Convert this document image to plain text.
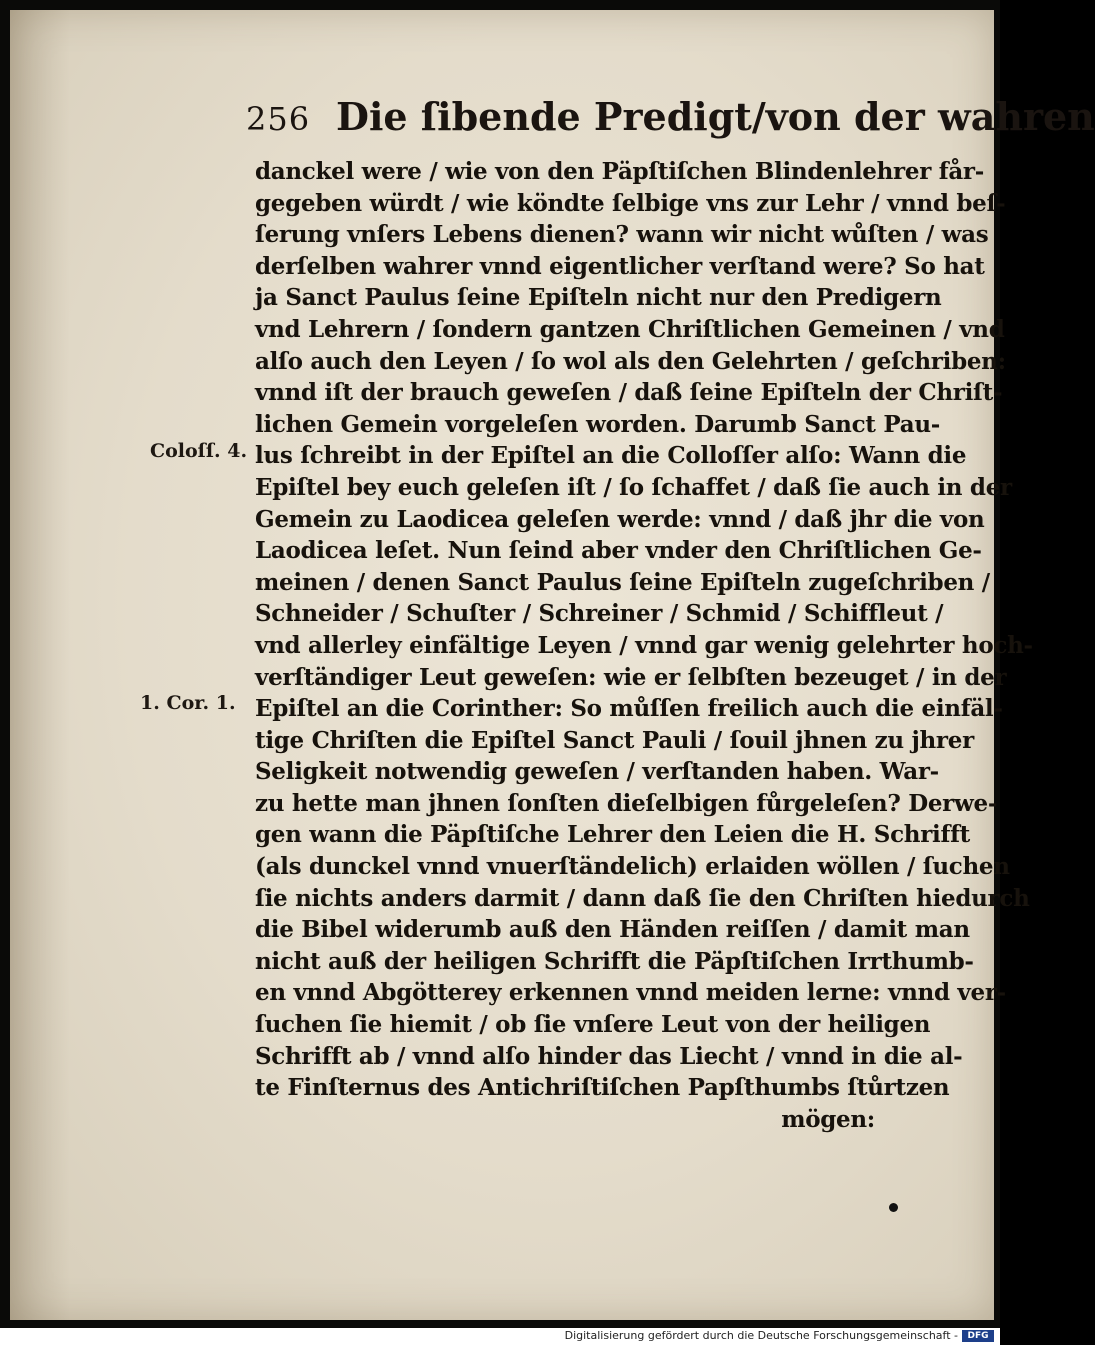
256 Die ſibende Predigt/von der wahren
Coloſſ. 4.
1. Cor. 1.
danckel were / wie von den Päpſtiſchen Blindenlehrer får‑
gegeben würdt / wie köndte ſelbige vns zur Lehr / vnnd beſ‑
ſerung vnſers Lebens dienen? wann wir nicht wůſten / was
derſelben wahrer vnnd eigentlicher verſtand were? So hat
ja Sanct Paulus ſeine Epiſteln nicht nur den Predigern
vnd Lehrern / ſondern gantzen Chriſtlichen Gemeinen / vnd
alſo auch den Leyen / ſo wol als den Gelehrten / geſchriben:
vnnd iſt der brauch geweſen / daß ſeine Epiſteln der Chriſt‑
lichen Gemein vorgeleſen worden. Darumb Sanct Pau‑
lus ſchreibt in der Epiſtel an die Colloſſer alſo: Wann die
Epiſtel bey euch geleſen iſt / ſo ſchaffet / daß ſie auch in der
Gemein zu Laodicea geleſen werde: vnnd / daß jhr die von
Laodicea leſet. Nun ſeind aber vnder den Chriſtlichen Ge‑
meinen / denen Sanct Paulus ſeine Epiſteln zugeſchriben /
Schneider / Schuſter / Schreiner / Schmid / Schiffleut /
vnd allerley einfältige Leyen / vnnd gar wenig gelehrter hoch‑
verſtändiger Leut geweſen: wie er ſelbſten bezeuget / in der
Epiſtel an die Corinther: So můſſen freilich auch die einfäl‑
tige Chriſten die Epiſtel Sanct Pauli / ſouil jhnen zu jhrer
Seligkeit notwendig geweſen / verſtanden haben. War‑
zu hette man jhnen ſonſten dieſelbigen fůrgeleſen? Derwe‑
gen wann die Päpſtiſche Lehrer den Leien die H. Schrifft
(als dunckel vnnd vnuerſtändelich) erlaiden wöllen / ſuchen
ſie nichts anders darmit / dann daß ſie den Chriſten hiedurch
die Bibel widerumb auß den Händen reiſſen / damit man
nicht auß der heiligen Schrifft die Päpſtiſchen Irrthumb‑
en vnnd Abgötterey erkennen vnnd meiden lerne: vnnd ver‑
ſuchen ſie hiemit / ob ſie vnſere Leut von der heiligen
Schrifft ab / vnnd alſo hinder das Liecht / vnnd in die al‑
te Finſternus des Antichriſtiſchen Papſthumbs ſtůrtzen
mögen:
Digitalisierung gefördert durch die Deutsche Forschungsgemeinschaft -	DFG
